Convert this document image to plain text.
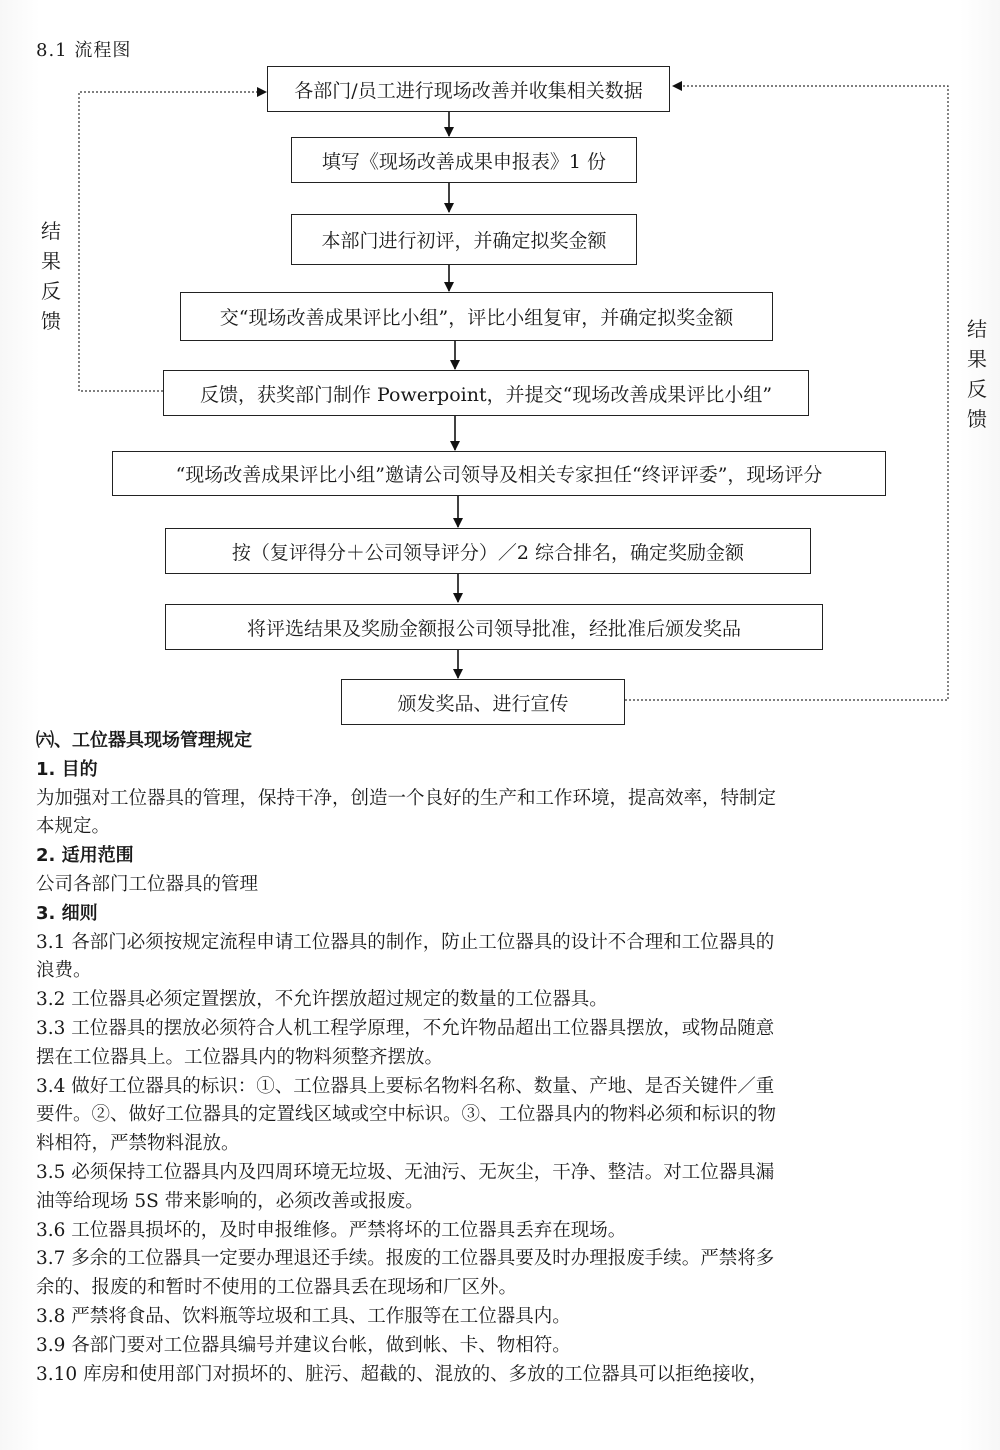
8.1 流程图
各部门/员工进行现场改善并收集相关数据
填写《现场改善成果申报表》1 份
本部门进行初评，并确定拟奖金额
交“现场改善成果评比小组”，评比小组复审，并确定拟奖金额
反馈，获奖部门制作 Powerpoint，并提交“现场改善成果评比小组”
“现场改善成果评比小组”邀请公司领导及相关专家担任“终评评委”，现场评分
按（复评得分＋公司领导评分）／2 综合排名，确定奖励金额
将评选结果及奖励金额报公司领导批准，经批准后颁发奖品
颁发奖品、进行宣传
结
果
反
馈	结
果
反
馈

㈥、工位器具现场管理规定

1. 目的

为加强对工位器具的管理，保持干净，创造一个良好的生产和工作环境，提高效率，特制定

本规定。

2. 适用范围

公司各部门工位器具的管理

3. 细则

3.1 各部门必须按规定流程申请工位器具的制作，防止工位器具的设计不合理和工位器具的

浪费。

3.2 工位器具必须定置摆放，不允许摆放超过规定的数量的工位器具。

3.3 工位器具的摆放必须符合人机工程学原理，不允许物品超出工位器具摆放，或物品随意

摆在工位器具上。工位器具内的物料须整齐摆放。

3.4 做好工位器具的标识：①、工位器具上要标名物料名称、数量、产地、是否关键件／重

要件。②、做好工位器具的定置线区域或空中标识。③、工位器具内的物料必须和标识的物

料相符，严禁物料混放。

3.5 必须保持工位器具内及四周环境无垃圾、无油污、无灰尘，干净、整洁。对工位器具漏

油等给现场 5S 带来影响的，必须改善或报废。

3.6 工位器具损坏的，及时申报维修。严禁将坏的工位器具丢弃在现场。

3.7 多余的工位器具一定要办理退还手续。报废的工位器具要及时办理报废手续。严禁将多

余的、报废的和暂时不使用的工位器具丢在现场和厂区外。

3.8 严禁将食品、饮料瓶等垃圾和工具、工作服等在工位器具内。

3.9 各部门要对工位器具编号并建议台帐，做到帐、卡、物相符。

3.10 库房和使用部门对损坏的、脏污、超截的、混放的、多放的工位器具可以拒绝接收，
